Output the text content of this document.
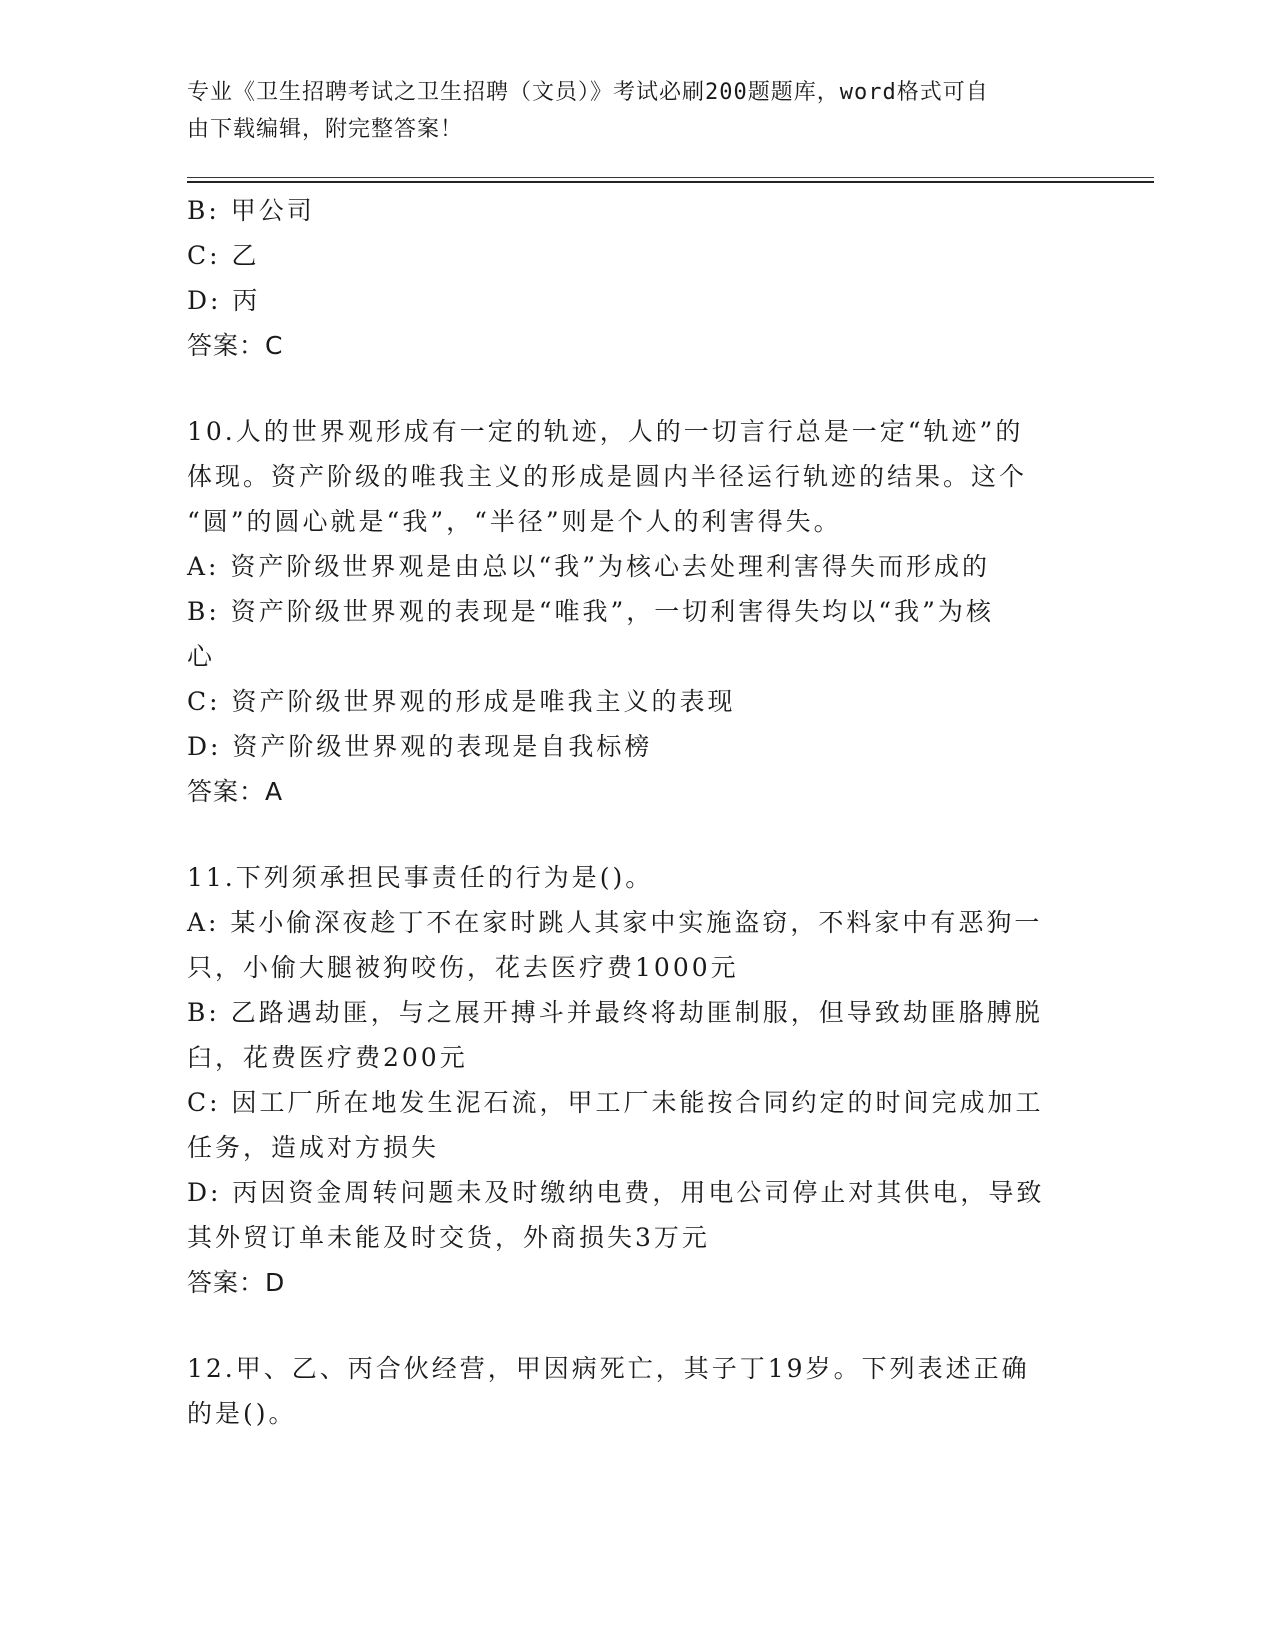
专业《卫生招聘考试之卫生招聘（文员）》考试必刷200题题库，word格式可自
由下载编辑，附完整答案！
B: 甲公司
C: 乙
D: 丙
答案：C
10.人的世界观形成有一定的轨迹，人的一切言行总是一定“轨迹”的
体现。资产阶级的唯我主义的形成是圆内半径运行轨迹的结果。这个
“圆”的圆心就是“我”，“半径”则是个人的利害得失。
A: 资产阶级世界观是由总以“我”为核心去处理利害得失而形成的
B: 资产阶级世界观的表现是“唯我”，一切利害得失均以“我”为核
心
C: 资产阶级世界观的形成是唯我主义的表现
D: 资产阶级世界观的表现是自我标榜
答案：A
11.下列须承担民事责任的行为是()。
A: 某小偷深夜趁丁不在家时跳人其家中实施盗窃，不料家中有恶狗一
只，小偷大腿被狗咬伤，花去医疗费1000元
B: 乙路遇劫匪，与之展开搏斗并最终将劫匪制服，但导致劫匪胳膊脱
臼，花费医疗费200元
C: 因工厂所在地发生泥石流，甲工厂未能按合同约定的时间完成加工
任务，造成对方损失
D: 丙因资金周转问题未及时缴纳电费，用电公司停止对其供电，导致
其外贸订单未能及时交货，外商损失3万元
答案：D
12.甲、乙、丙合伙经营，甲因病死亡，其子丁19岁。下列表述正确
的是()。
